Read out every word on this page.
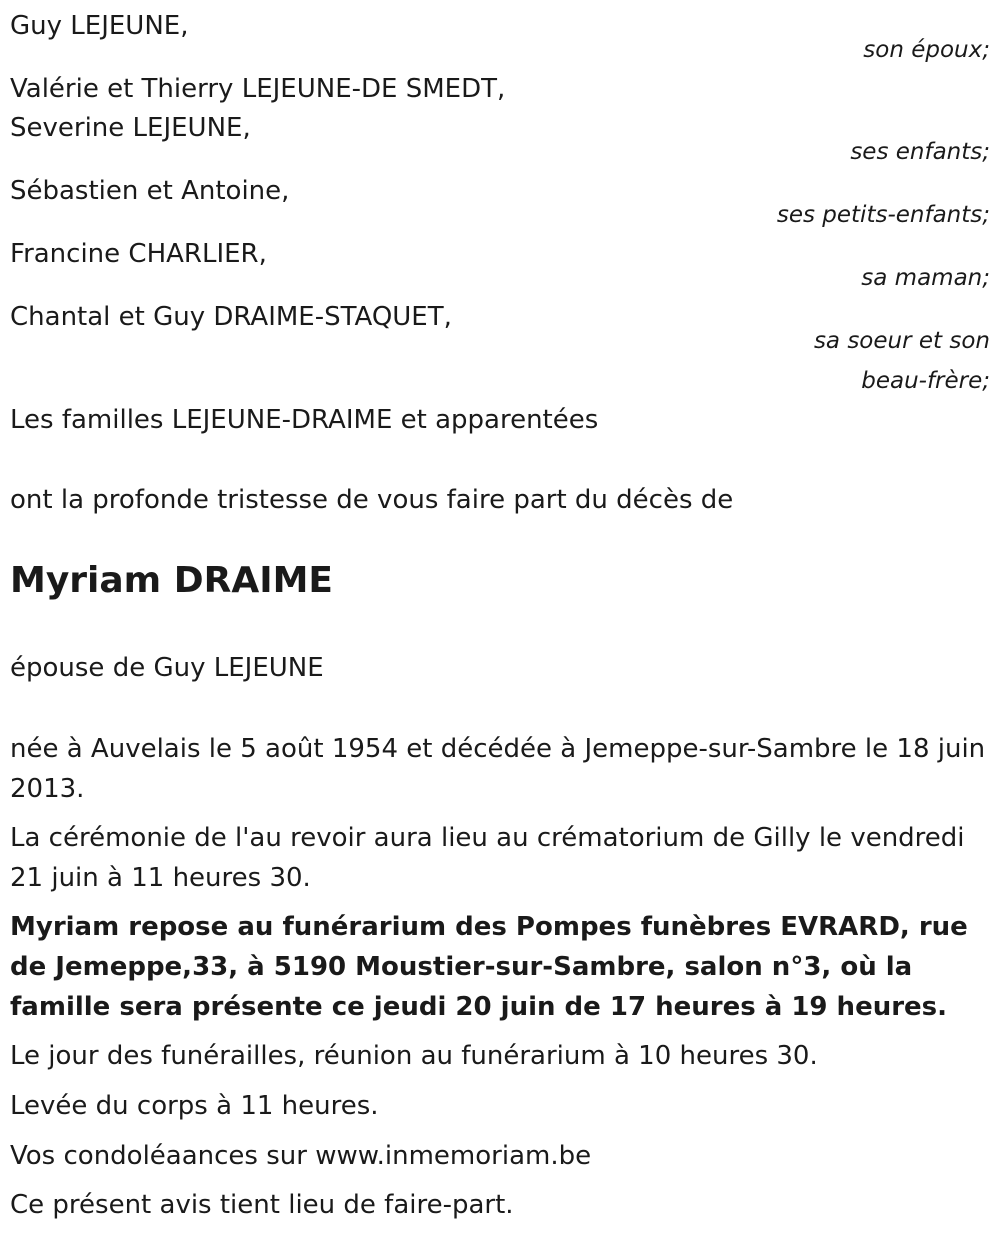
Guy LEJEUNE,
son époux;
Valérie et Thierry LEJEUNE-DE SMEDT,
Severine LEJEUNE,
ses enfants;
Sébastien et Antoine,
ses petits-enfants;
Francine CHARLIER,
sa maman;
Chantal et Guy DRAIME-STAQUET,
sa soeur et son
beau-frère;
Les familles LEJEUNE-DRAIME et apparentées
ont la profonde tristesse de vous faire part du décès de
Myriam DRAIME
épouse de Guy LEJEUNE
née à Auvelais le 5 août 1954 et décédée à Jemeppe-sur-Sambre le 18 juin 2013.
La cérémonie de l'au revoir aura lieu au crématorium de Gilly le vendredi 21 juin à 11 heures 30.
Myriam repose au funérarium des Pompes funèbres EVRARD, rue de Jemeppe,33, à 5190 Moustier-sur-Sambre, salon n°3, où la famille sera présente ce jeudi 20 juin de 17 heures à 19 heures.
Le jour des funérailles, réunion au funérarium à 10 heures 30.
Levée du corps à 11 heures.
Vos condoléaances sur www.inmemoriam.be
Ce présent avis tient lieu de faire-part.
